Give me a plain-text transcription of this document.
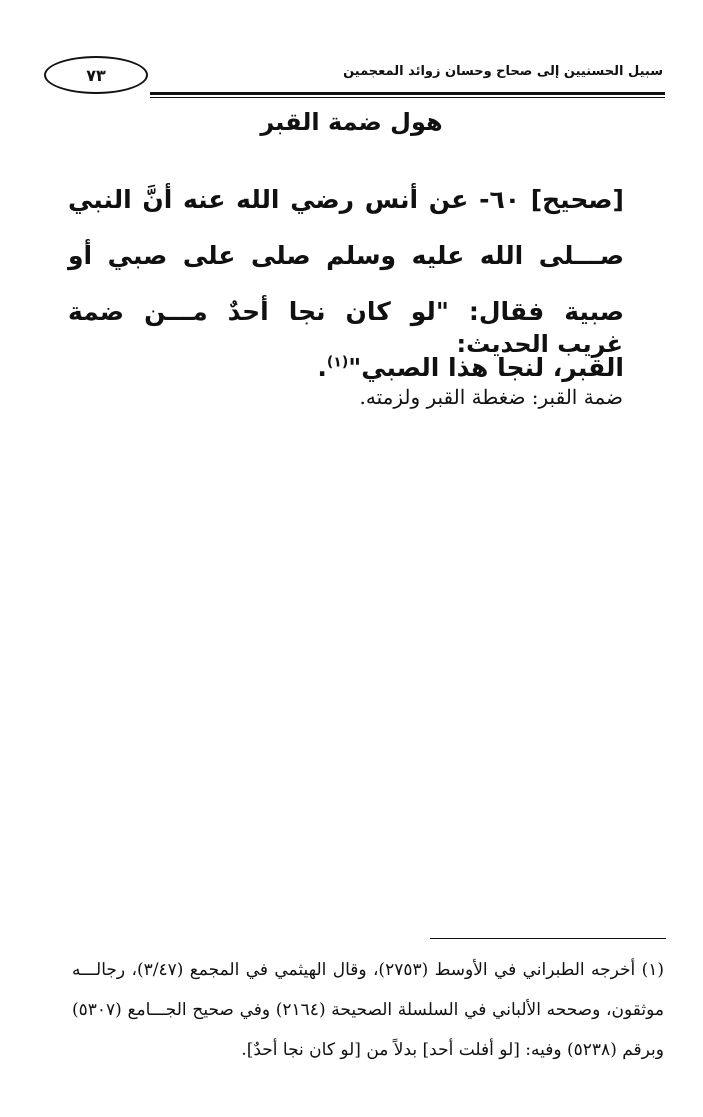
٧٣	سبيل الحسنيين إلى صحاح وحسان زوائد المعجمين
هول ضمة القبر
[صحيح] ٦٠- عن أنس رضي الله عنه أنَّ النبي صـــلى الله عليه وسلم صلى على صبي أو صبية فقال: "لو كان نجا أحدٌ مـــن ضمة القبر، لنجا هذا الصبي"$^{(١)}$.
غريب الحديث:
ضمة القبر: ضغطة القبر ولزمته.
(١) أخرجه الطبراني في الأوسط (٢٧٥٣)، وقال الهيثمي في المجمع (٣/٤٧)، رجالـــه موثقون، وصححه الألباني في السلسلة الصحيحة (٢١٦٤) وفي صحيح الجـــامع (٥٣٠٧) وبرقم (٥٢٣٨) وفيه: [لو أفلت أحد] بدلاً من [لو كان نجا أحدٌ].
